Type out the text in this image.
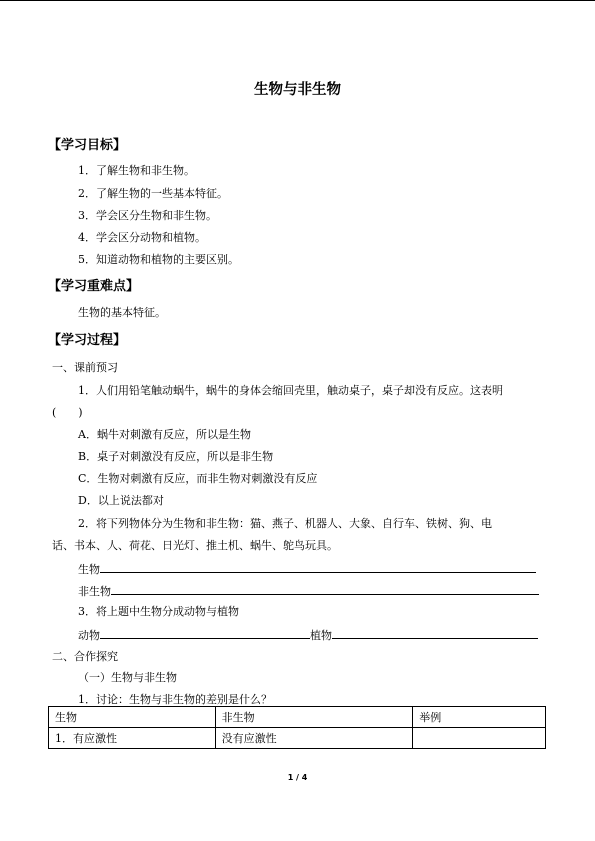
生物与非生物
【学习目标】
1．了解生物和非生物。
2．了解生物的一些基本特征。
3．学会区分生物和非生物。
4．学会区分动物和植物。
5．知道动物和植物的主要区别。
【学习重难点】
生物的基本特征。
【学习过程】
一、课前预习
1．人们用铅笔触动蜗牛，蜗牛的身体会缩回壳里，触动桌子，桌子却没有反应。这表明
(　　)
A．蜗牛对刺激有反应，所以是生物
B．桌子对刺激没有反应，所以是非生物
C．生物对刺激有反应，而非生物对刺激没有反应
D．以上说法都对
2．将下列物体分为生物和非生物：猫、燕子、机器人、大象、自行车、铁树、狗、电
话、书本、人、荷花、日光灯、推土机、蜗牛、鸵鸟玩具。
生物
非生物
3．将上题中生物分成动物与植物
动物	植物
二、合作探究
（一）生物与非生物
1．讨论：生物与非生物的差别是什么？
生物	非生物	举例
1．有应激性	没有应激性	
1 / 4
